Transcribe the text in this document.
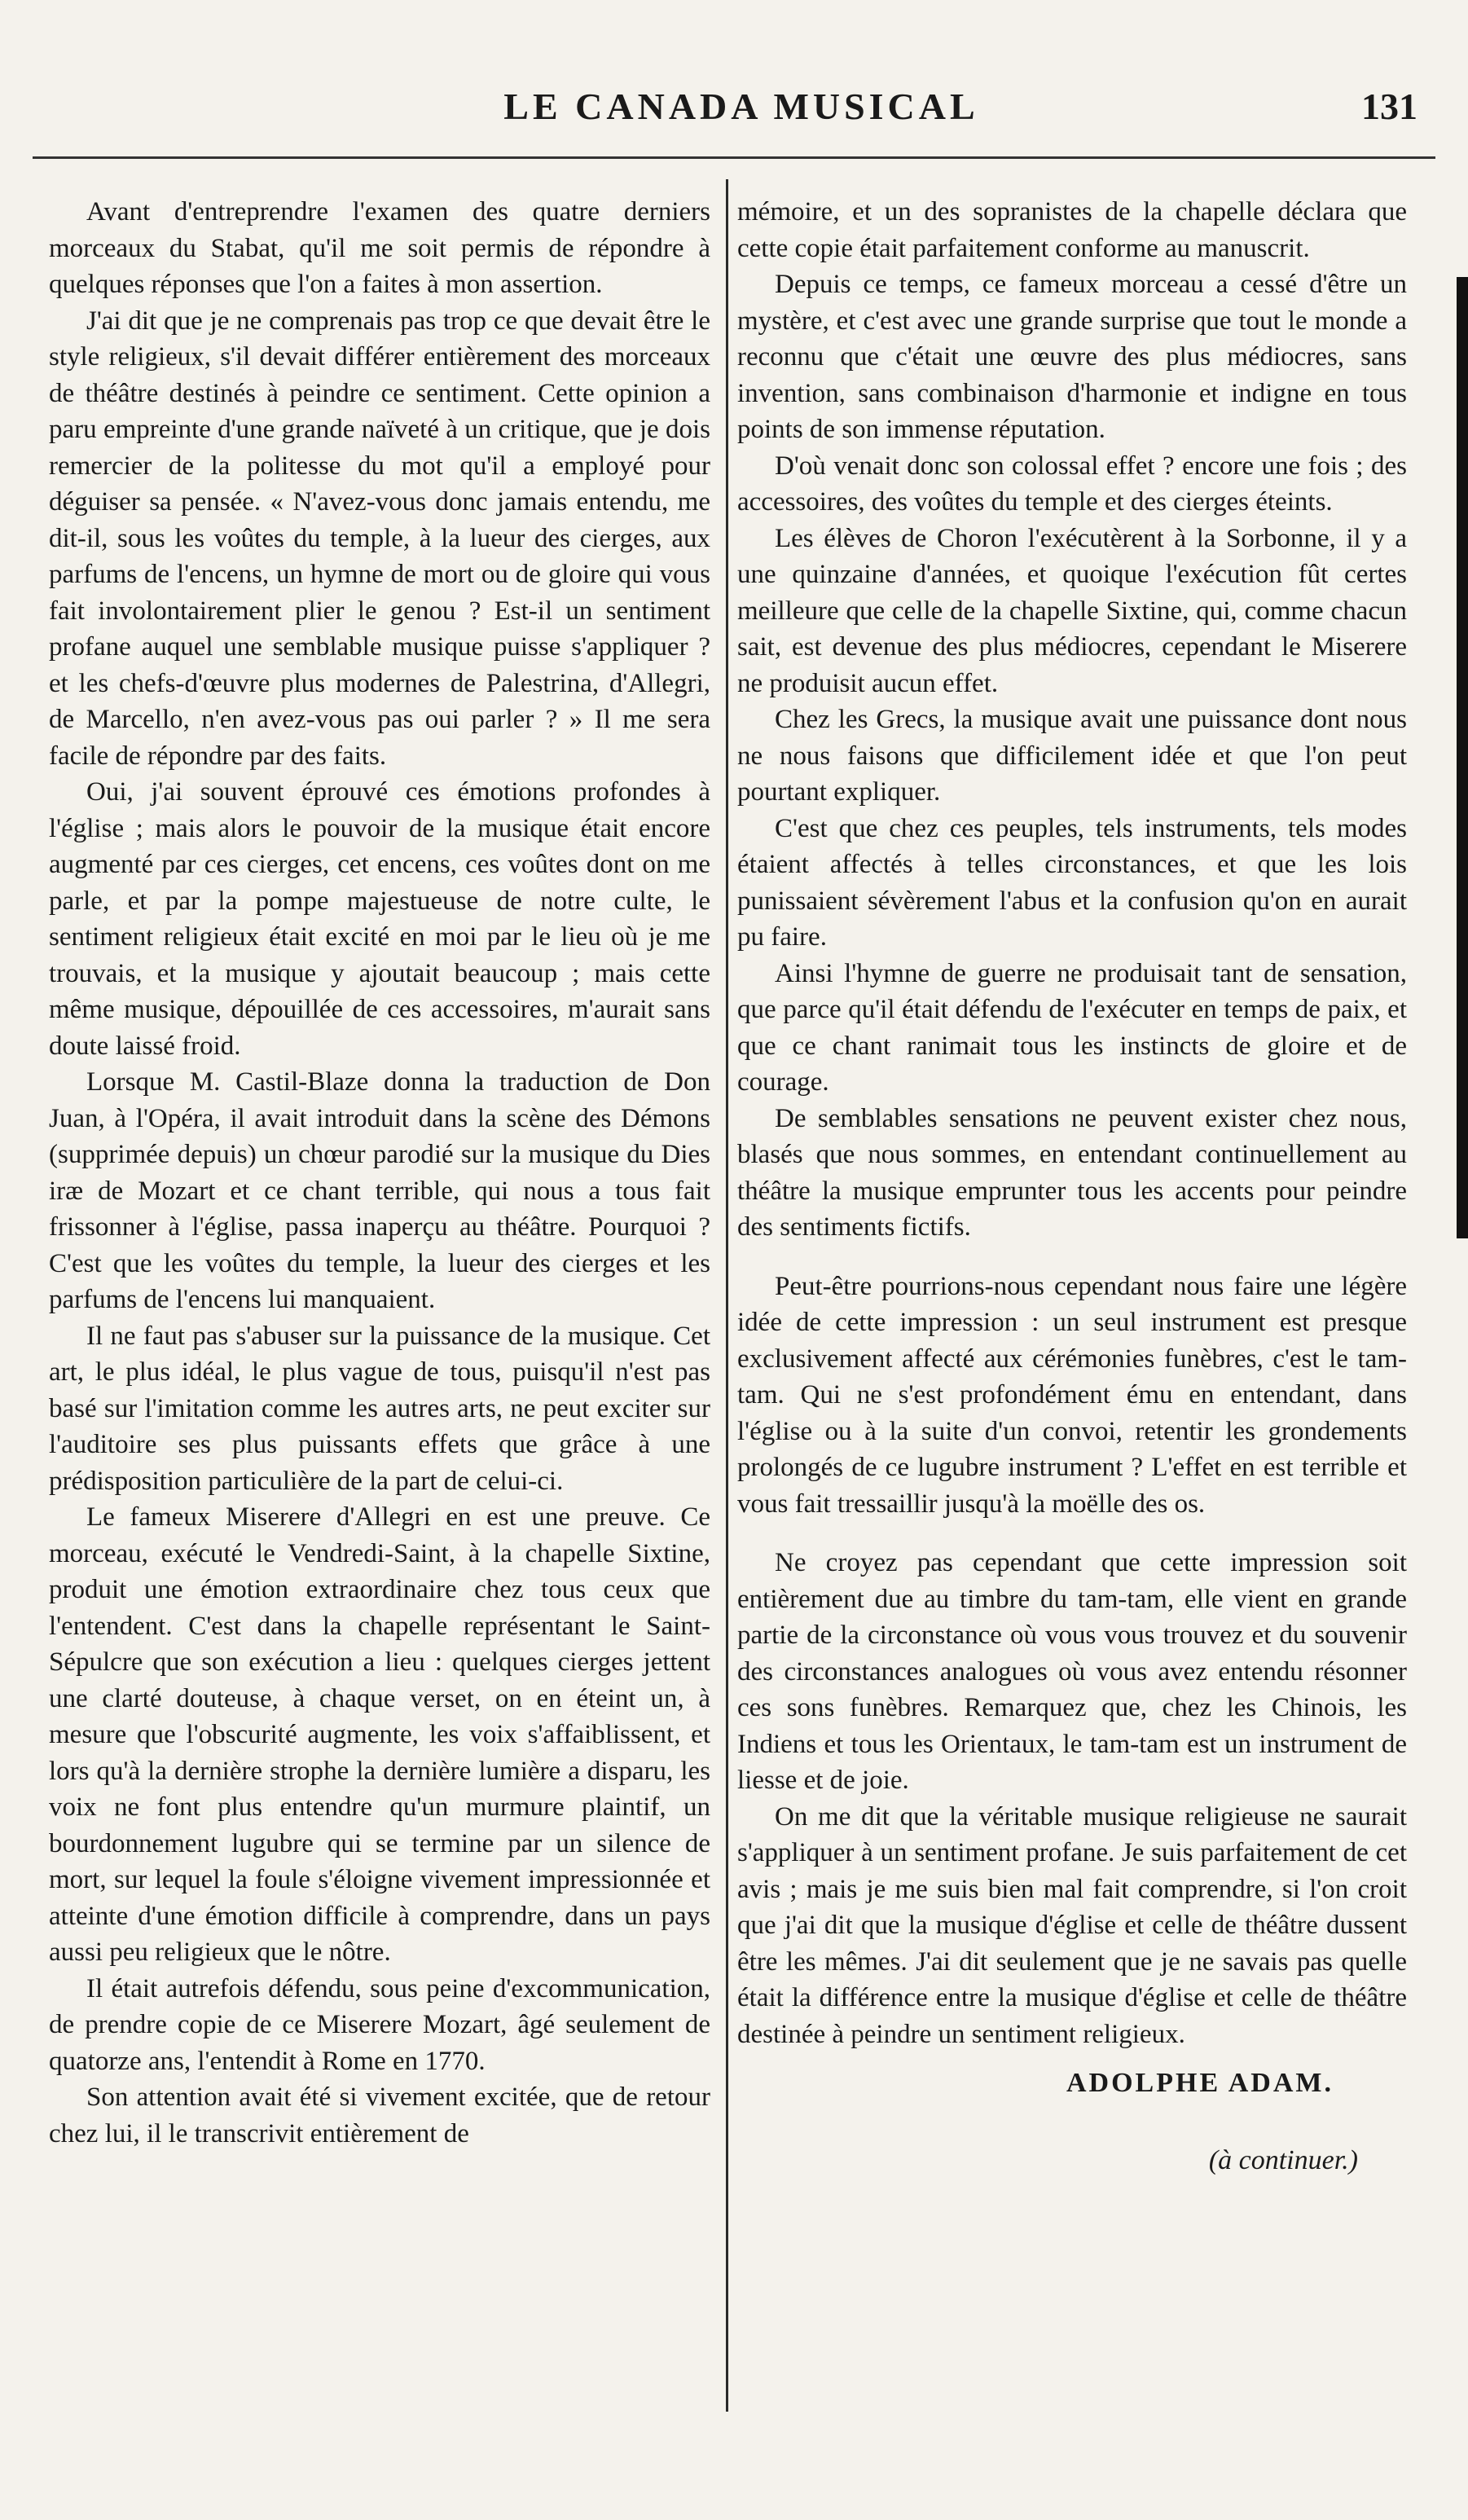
LE CANADA MUSICAL	131

Avant d'entreprendre l'examen des quatre derniers morceaux du Stabat, qu'il me soit permis de répondre à quelques réponses que l'on a faites à mon assertion.

J'ai dit que je ne comprenais pas trop ce que devait être le style religieux, s'il devait différer entièrement des morceaux de théâtre destinés à peindre ce sentiment. Cette opinion a paru empreinte d'une grande naïveté à un critique, que je dois remercier de la politesse du mot qu'il a employé pour déguiser sa pensée. « N'avez-vous donc jamais entendu, me dit-il, sous les voûtes du temple, à la lueur des cierges, aux parfums de l'encens, un hymne de mort ou de gloire qui vous fait involontairement plier le genou ? Est-il un sentiment profane auquel une semblable musique puisse s'appliquer ? et les chefs-d'œuvre plus modernes de Palestrina, d'Allegri, de Marcello, n'en avez-vous pas oui parler ? » Il me sera facile de répondre par des faits.

Oui, j'ai souvent éprouvé ces émotions profondes à l'église ; mais alors le pouvoir de la musique était encore augmenté par ces cierges, cet encens, ces voûtes dont on me parle, et par la pompe majestueuse de notre culte, le sentiment religieux était excité en moi par le lieu où je me trouvais, et la musique y ajoutait beaucoup ; mais cette même musique, dépouillée de ces accessoires, m'aurait sans doute laissé froid.

Lorsque M. Castil-Blaze donna la traduction de Don Juan, à l'Opéra, il avait introduit dans la scène des Démons (supprimée depuis) un chœur parodié sur la musique du Dies iræ de Mozart et ce chant terrible, qui nous a tous fait frissonner à l'église, passa inaperçu au théâtre. Pourquoi ? C'est que les voûtes du temple, la lueur des cierges et les parfums de l'encens lui manquaient.

Il ne faut pas s'abuser sur la puissance de la musique. Cet art, le plus idéal, le plus vague de tous, puisqu'il n'est pas basé sur l'imitation comme les autres arts, ne peut exciter sur l'auditoire ses plus puissants effets que grâce à une prédisposition particulière de la part de celui-ci.

Le fameux Miserere d'Allegri en est une preuve. Ce morceau, exécuté le Vendredi-Saint, à la chapelle Sixtine, produit une émotion extraordinaire chez tous ceux que l'entendent. C'est dans la chapelle représentant le Saint-Sépulcre que son exécution a lieu : quelques cierges jettent une clarté douteuse, à chaque verset, on en éteint un, à mesure que l'obscurité augmente, les voix s'affaiblissent, et lors qu'à la dernière strophe la dernière lumière a disparu, les voix ne font plus entendre qu'un murmure plaintif, un bourdonnement lugubre qui se termine par un silence de mort, sur lequel la foule s'éloigne vivement impressionnée et atteinte d'une émotion difficile à comprendre, dans un pays aussi peu religieux que le nôtre.

Il était autrefois défendu, sous peine d'excommunication, de prendre copie de ce Miserere Mozart, âgé seulement de quatorze ans, l'entendit à Rome en 1770.

Son attention avait été si vivement excitée, que de retour chez lui, il le transcrivit entièrement de

mémoire, et un des sopranistes de la chapelle déclara que cette copie était parfaitement conforme au manuscrit.

Depuis ce temps, ce fameux morceau a cessé d'être un mystère, et c'est avec une grande surprise que tout le monde a reconnu que c'était une œuvre des plus médiocres, sans invention, sans combinaison d'harmonie et indigne en tous points de son immense réputation.

D'où venait donc son colossal effet ? encore une fois ; des accessoires, des voûtes du temple et des cierges éteints.

Les élèves de Choron l'exécutèrent à la Sorbonne, il y a une quinzaine d'années, et quoique l'exécution fût certes meilleure que celle de la chapelle Sixtine, qui, comme chacun sait, est devenue des plus médiocres, cependant le Miserere ne produisit aucun effet.

Chez les Grecs, la musique avait une puissance dont nous ne nous faisons que difficilement idée et que l'on peut pourtant expliquer.

C'est que chez ces peuples, tels instruments, tels modes étaient affectés à telles circonstances, et que les lois punissaient sévèrement l'abus et la confusion qu'on en aurait pu faire.

Ainsi l'hymne de guerre ne produisait tant de sensation, que parce qu'il était défendu de l'exécuter en temps de paix, et que ce chant ranimait tous les instincts de gloire et de courage.

De semblables sensations ne peuvent exister chez nous, blasés que nous sommes, en entendant continuellement au théâtre la musique emprunter tous les accents pour peindre des sentiments fictifs.

Peut-être pourrions-nous cependant nous faire une légère idée de cette impression : un seul instrument est presque exclusivement affecté aux cérémonies funèbres, c'est le tam-tam. Qui ne s'est profondément ému en entendant, dans l'église ou à la suite d'un convoi, retentir les grondements prolongés de ce lugubre instrument ? L'effet en est terrible et vous fait tressaillir jusqu'à la moëlle des os.

Ne croyez pas cependant que cette impression soit entièrement due au timbre du tam-tam, elle vient en grande partie de la circonstance où vous vous trouvez et du souvenir des circonstances analogues où vous avez entendu résonner ces sons funèbres. Remarquez que, chez les Chinois, les Indiens et tous les Orientaux, le tam-tam est un instrument de liesse et de joie.

On me dit que la véritable musique religieuse ne saurait s'appliquer à un sentiment profane. Je suis parfaitement de cet avis ; mais je me suis bien mal fait comprendre, si l'on croit que j'ai dit que la musique d'église et celle de théâtre dussent être les mêmes. J'ai dit seulement que je ne savais pas quelle était la différence entre la musique d'église et celle de théâtre destinée à peindre un sentiment religieux.

ADOLPHE ADAM.
(à continuer.)
